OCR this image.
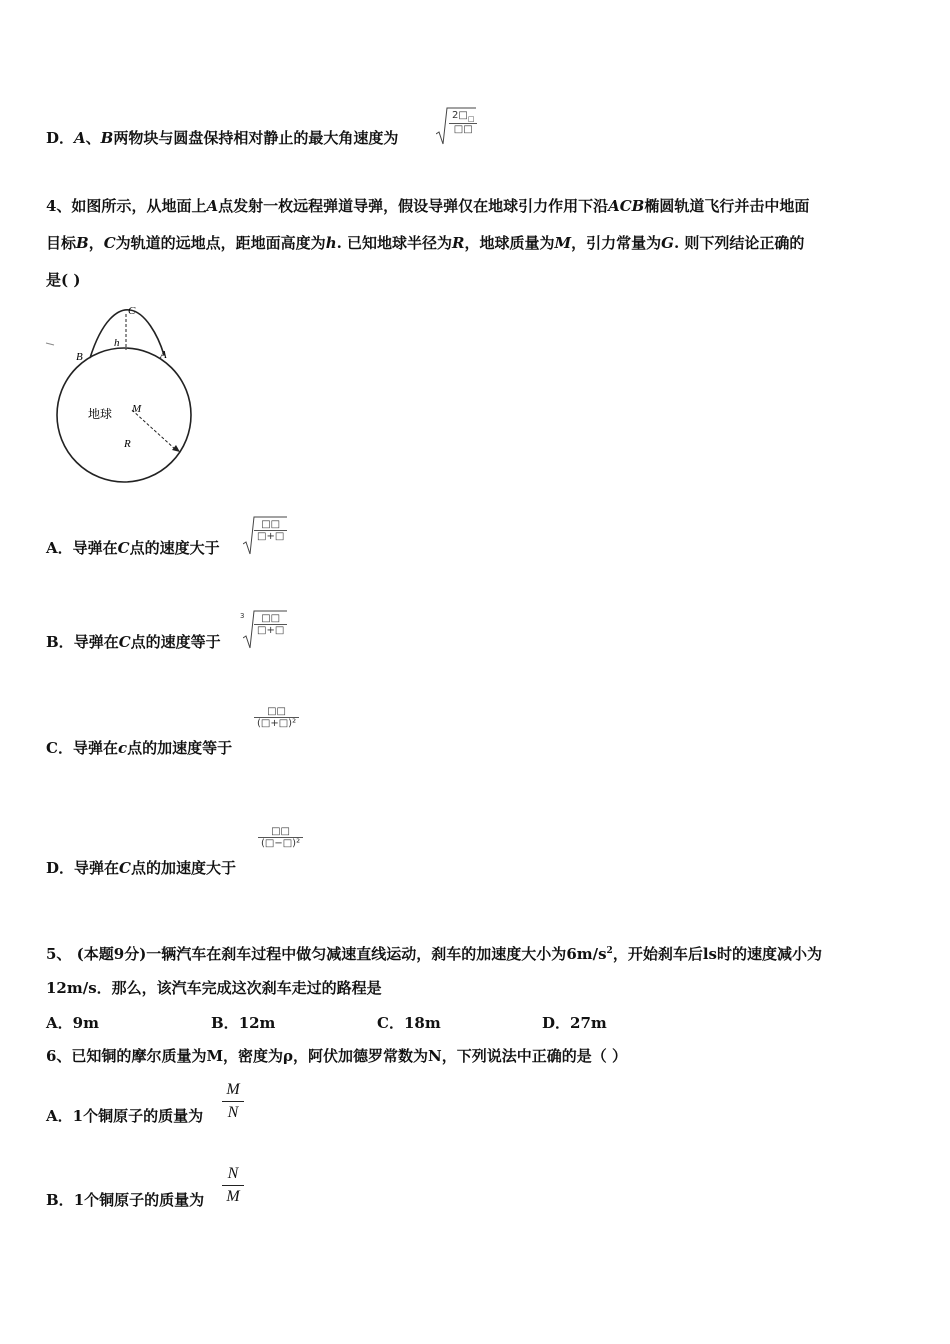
D．A、B两物块与圆盘保持相对静止的最大角速度为
$\frac{2□_□}{□□}$
4、如图所示，从地面上A点发射一枚远程弹道导弹，假设导弹仅在地球引力作用下沿ACB椭圆轨道飞行并击中地面
目标B，C为轨道的远地点，距地面高度为h. 已知地球半径为R，地球质量为M，引力常量为G. 则下列结论正确的
是( )
C
h
B	A
地球 M
R
A．导弹在C点的速度大于
$\frac{□□}{□+□}$
B．导弹在C点的速度等于
$3 \frac{□□}{□+□}$
C．导弹在c点的加速度等于
$\frac{□□}{\text{(□+□)²}}$
D．导弹在C点的加速度大于
$\frac{□□}{\text{(□−□)²}}$
5、 (本题9分)一辆汽车在刹车过程中做匀减速直线运动，刹车的加速度大小为$6m/s^2$，开始刹车后ls时的速度减小为
12m/s．那么，该汽车完成这次刹车走过的路程是
A．9m	B．12m	C．18m	D．27m
6、已知铜的摩尔质量为M，密度为ρ，阿伏加德罗常数为N，下列说法中正确的是（ ）
A．1个铜原子的质量为
M
N
B．1个铜原子的质量为
N
M
